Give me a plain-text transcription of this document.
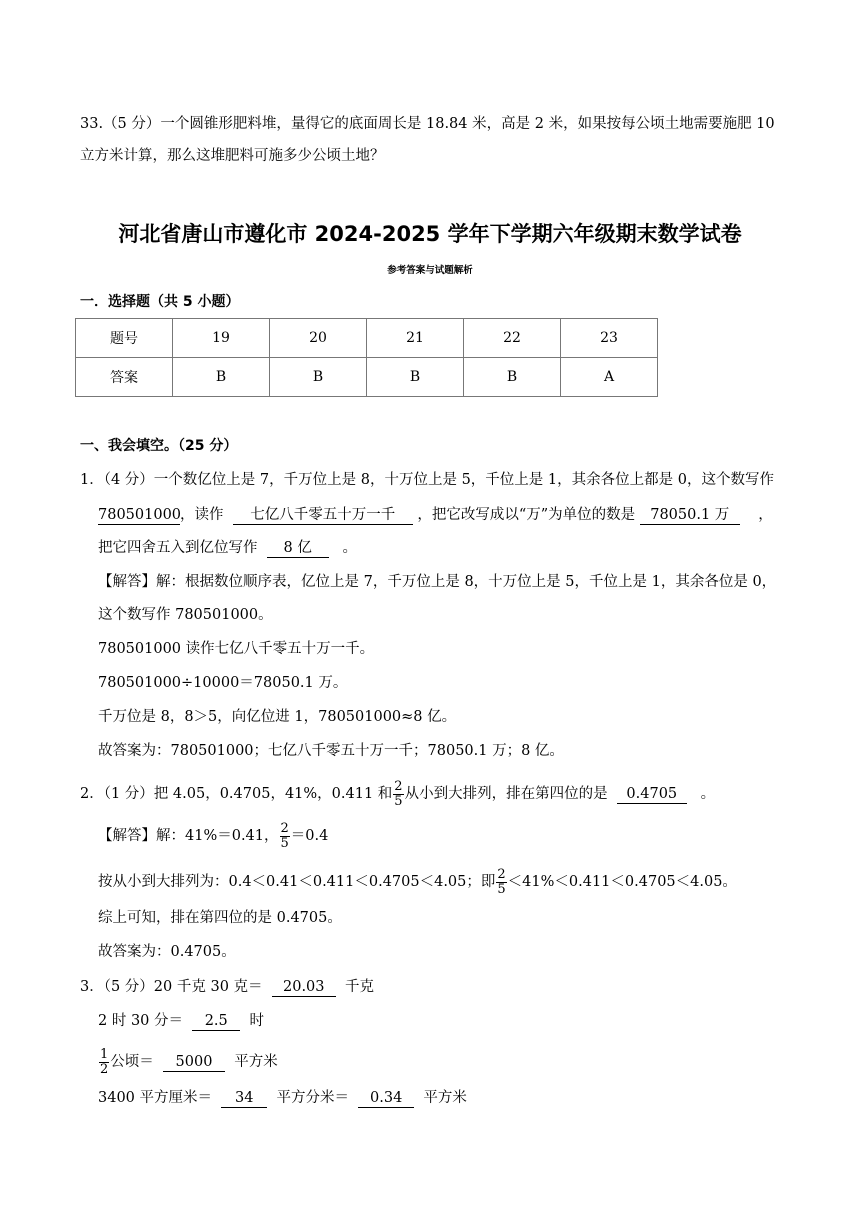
33.（5 分）一个圆锥形肥料堆，量得它的底面周长是 18.84 米，高是 2 米，如果按每公顷土地需要施肥 10
立方米计算，那么这堆肥料可施多少公顷土地？
河北省唐山市遵化市 2024-2025 学年下学期六年级期末数学试卷
参考答案与试题解析
一．选择题（共 5 小题）
题号	19	20	21	22	23
答案	B	B	B	B	A
一、我会填空。（25 分）
1．（4 分）一个数亿位上是 7，千万位上是 8，十万位上是 5，千位上是 1，其余各位上都是 0，这个数写作
780501000，读作 七亿八千零五十万一千 ，把它改写成以“万”为单位的数是 78050.1 万 ，
把它四舍五入到亿位写作 8 亿 。
【解答】解：根据数位顺序表，亿位上是 7，千万位上是 8，十万位上是 5，千位上是 1，其余各位是 0，
这个数写作 780501000。
780501000 读作七亿八千零五十万一千。
780501000÷10000＝78050.1 万。
千万位是 8，8＞5，向亿位进 1，780501000≈8 亿。
故答案为：780501000；七亿八千零五十万一千；78050.1 万；8 亿。
2．（1 分）把 4.05，0.4705，41%，0.411 和 $\frac{2}{5}$ 从小到大排列，排在第四位的是 0.4705 。
【解答】解：41%＝0.41， $\frac{2}{5} =0.4$
按从小到大排列为：0.4＜0.41＜0.411＜0.4705＜4.05；即 $\frac{2}{5} <41\%<0.411<0.4705<4.05$。
综上可知，排在第四位的是 0.4705。
故答案为：0.4705。
3．（5 分）20 千克 30 克＝ 20.03 千克
2 时 30 分＝ 2.5 时
$\frac{1}{2}$ 公顷＝ 5000 平方米
3400 平方厘米＝ 34 平方分米＝ 0.34 平方米
